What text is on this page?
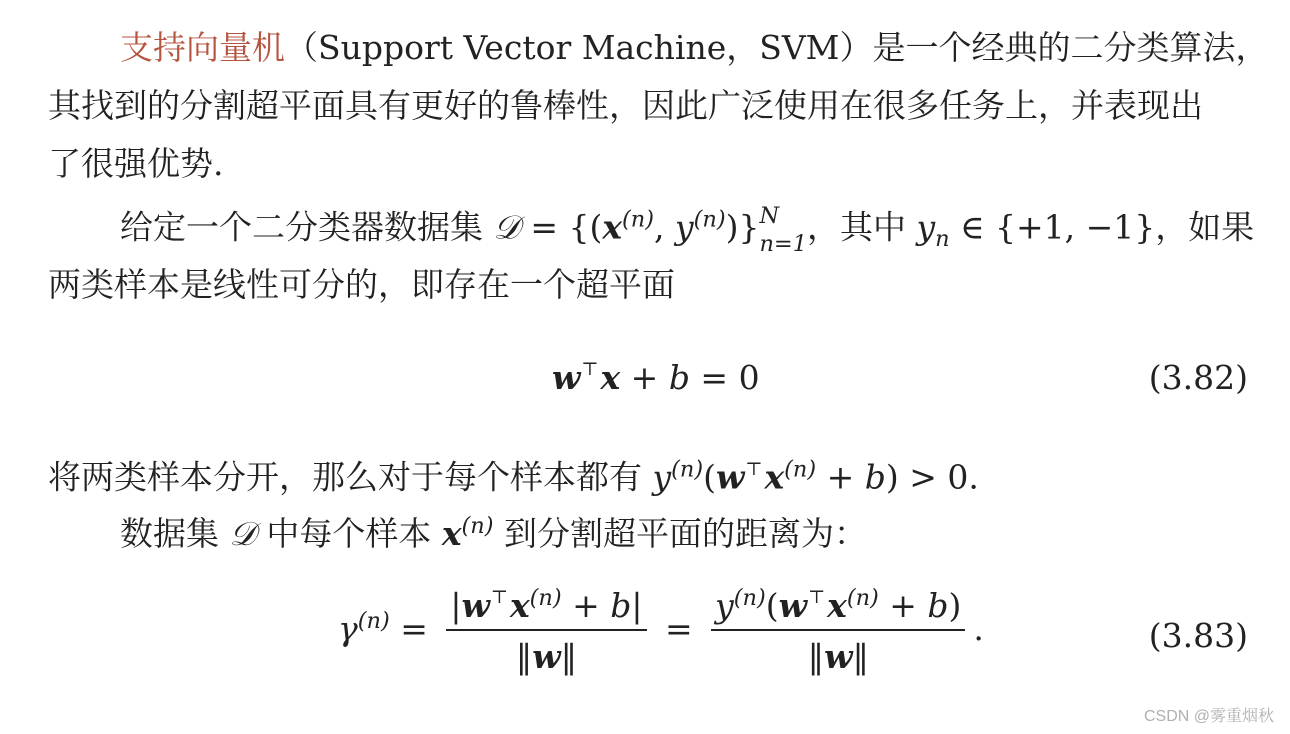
支持向量机（Support Vector Machine，SVM）是一个经典的二分类算法，
其找到的分割超平面具有更好的鲁棒性，因此广泛使用在很多任务上，并表现出
了很强优势.
给定一个二分类器数据集 𝒟 = {($x^{(n)}$, $y^{(n)}$)} N
n=1 ，其中 $y_n$ ∈ {+1, −1}，如果
两类样本是线性可分的，即存在一个超平面
w⊤x + b = 0	(3.82)
将两类样本分开，那么对于每个样本都有 $y^{(n)}(w^⊤x^{(n)} + b) > 0$.
数据集 𝒟 中每个样本 $x^{(n)}$ 到分割超平面的距离为：
$\gamma^{(n)} = \frac{|w^⊤x^{(n)} + b|}{‖w‖} = \frac{y^{(n)}(w^⊤x^{(n)} + b)}{‖w‖}$ .	(3.83)
CSDN @雾重烟秋
